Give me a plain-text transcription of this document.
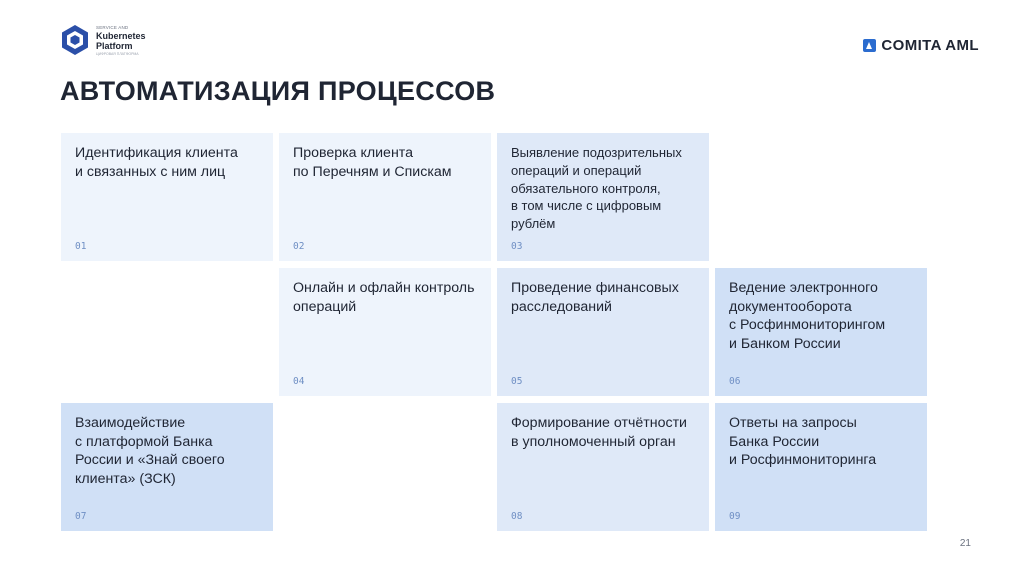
SERVICE AND
Kubernetes
Platform
ЦИФРОВАЯ ПЛАТФОРМА	COMITA AML
АВТОМАТИЗАЦИЯ ПРОЦЕССОВ
Идентификация клиента
и связанных с ним лиц
01
Проверка клиента
по Перечням и Спискам
02
Выявление подозрительных
операций и операций
обязательного контроля,
в том числе с цифровым
рублём
03
Онлайн и офлайн контроль
операций
04
Проведение финансовых
расследований
05
Ведение электронного
документооборота
с Росфинмониторингом
и Банком России
06
Взаимодействие
с платформой Банка
России и «Знай своего
клиента» (ЗСК)
07
Формирование отчётности
в уполномоченный орган
08
Ответы на запросы
Банка России
и Росфинмониторинга
09
21
